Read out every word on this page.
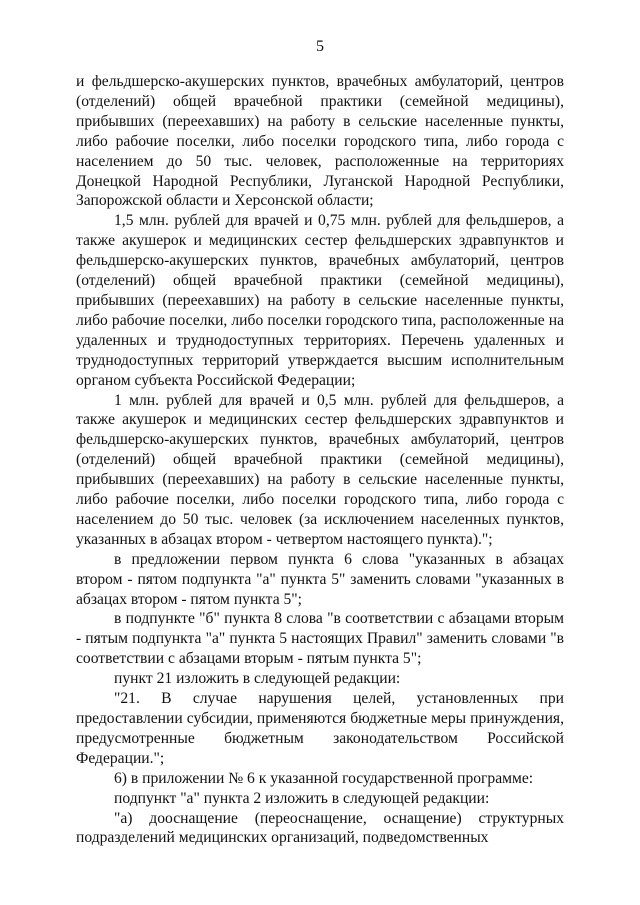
5

и фельдшерско-акушерских пунктов, врачебных амбулаторий, центров (отделений) общей врачебной практики (семейной медицины), прибывших (переехавших) на работу в сельские населенные пункты, либо рабочие поселки, либо поселки городского типа, либо города с населением до 50 тыс. человек, расположенные на территориях Донецкой Народной Республики, Луганской Народной Республики, Запорожской области и Херсонской области;

1,5 млн. рублей для врачей и 0,75 млн. рублей для фельдшеров, а также акушерок и медицинских сестер фельдшерских здравпунктов и фельдшерско-акушерских пунктов, врачебных амбулаторий, центров (отделений) общей врачебной практики (семейной медицины), прибывших (переехавших) на работу в сельские населенные пункты, либо рабочие поселки, либо поселки городского типа, расположенные на удаленных и труднодоступных территориях. Перечень удаленных и труднодоступных территорий утверждается высшим исполнительным органом субъекта Российской Федерации;

1 млн. рублей для врачей и 0,5 млн. рублей для фельдшеров, а также акушерок и медицинских сестер фельдшерских здравпунктов и фельдшерско-акушерских пунктов, врачебных амбулаторий, центров (отделений) общей врачебной практики (семейной медицины), прибывших (переехавших) на работу в сельские населенные пункты, либо рабочие поселки, либо поселки городского типа, либо города с населением до 50 тыс. человек (за исключением населенных пунктов, указанных в абзацах втором - четвертом настоящего пункта).";

в предложении первом пункта 6 слова "указанных в абзацах втором - пятом подпункта "а" пункта 5" заменить словами "указанных в абзацах втором - пятом пункта 5";

в подпункте "б" пункта 8 слова "в соответствии с абзацами вторым - пятым подпункта "а" пункта 5 настоящих Правил" заменить словами "в соответствии с абзацами вторым - пятым пункта 5";

пункт 21 изложить в следующей редакции:

"21. В случае нарушения целей, установленных при предоставлении субсидии, применяются бюджетные меры принуждения, предусмотренные бюджетным законодательством Российской Федерации.";

6) в приложении № 6 к указанной государственной программе:

подпункт "а" пункта 2 изложить в следующей редакции:

"а) дооснащение (переоснащение, оснащение) структурных подразделений медицинских организаций, подведомственных
